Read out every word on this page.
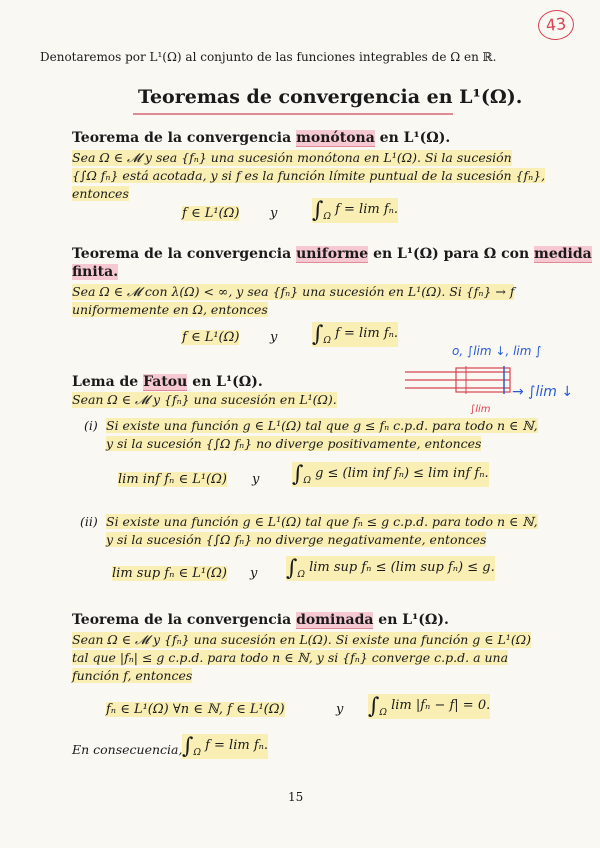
43
Denotaremos por L¹(Ω) al conjunto de las funciones integrables de Ω en ℝ.
Teoremas de convergencia en L¹(Ω).
Teorema de la convergencia monótona en L¹(Ω).
Sea Ω ∈ 𝓜 y sea {fₙ} una sucesión monótona en L¹(Ω). Si la sucesión
{∫Ω fₙ} está acotada, y si f es la función límite puntual de la sucesión {fₙ},
entonces
f ∈ L¹(Ω) y $\int_\Omega$ f = lim fₙ.
Teorema de la convergencia uniforme en L¹(Ω) para Ω con medida
finita.
Sea Ω ∈ 𝓜 con λ(Ω) < ∞, y sea {fₙ} una sucesión en L¹(Ω). Si {fₙ} → f
uniformemente en Ω, entonces
f ∈ L¹(Ω) y $\int_\Omega$ f = lim fₙ.
o, ∫lim ↓, lim ∫
→ ∫lim ↓
∫lim
Lema de Fatou en L¹(Ω).
Sean Ω ∈ 𝓜 y {fₙ} una sucesión en L¹(Ω).
(i) Si existe una función g ∈ L¹(Ω) tal que g ≤ fₙ c.p.d. para todo n ∈ ℕ,
y si la sucesión {∫Ω fₙ} no diverge positivamente, entonces
lim inf fₙ ∈ L¹(Ω) y $\int_\Omega$ g ≤ (lim inf fₙ) ≤ lim inf fₙ.
(ii) Si existe una función g ∈ L¹(Ω) tal que fₙ ≤ g c.p.d. para todo n ∈ ℕ,
y si la sucesión {∫Ω fₙ} no diverge negativamente, entonces
lim sup fₙ ∈ L¹(Ω) y $\int_\Omega$ lim sup fₙ ≤ (lim sup fₙ) ≤ g.
Teorema de la convergencia dominada en L¹(Ω).
Sean Ω ∈ 𝓜 y {fₙ} una sucesión en L(Ω). Si existe una función g ∈ L¹(Ω)
tal que |fₙ| ≤ g c.p.d. para todo n ∈ ℕ, y si {fₙ} converge c.p.d. a una
función f, entonces
fₙ ∈ L¹(Ω) ∀n ∈ ℕ, f ∈ L¹(Ω)	y $\int_\Omega$ lim |fₙ − f| = 0.
En consecuencia, $\int_\Omega$ f = lim fₙ.
15
